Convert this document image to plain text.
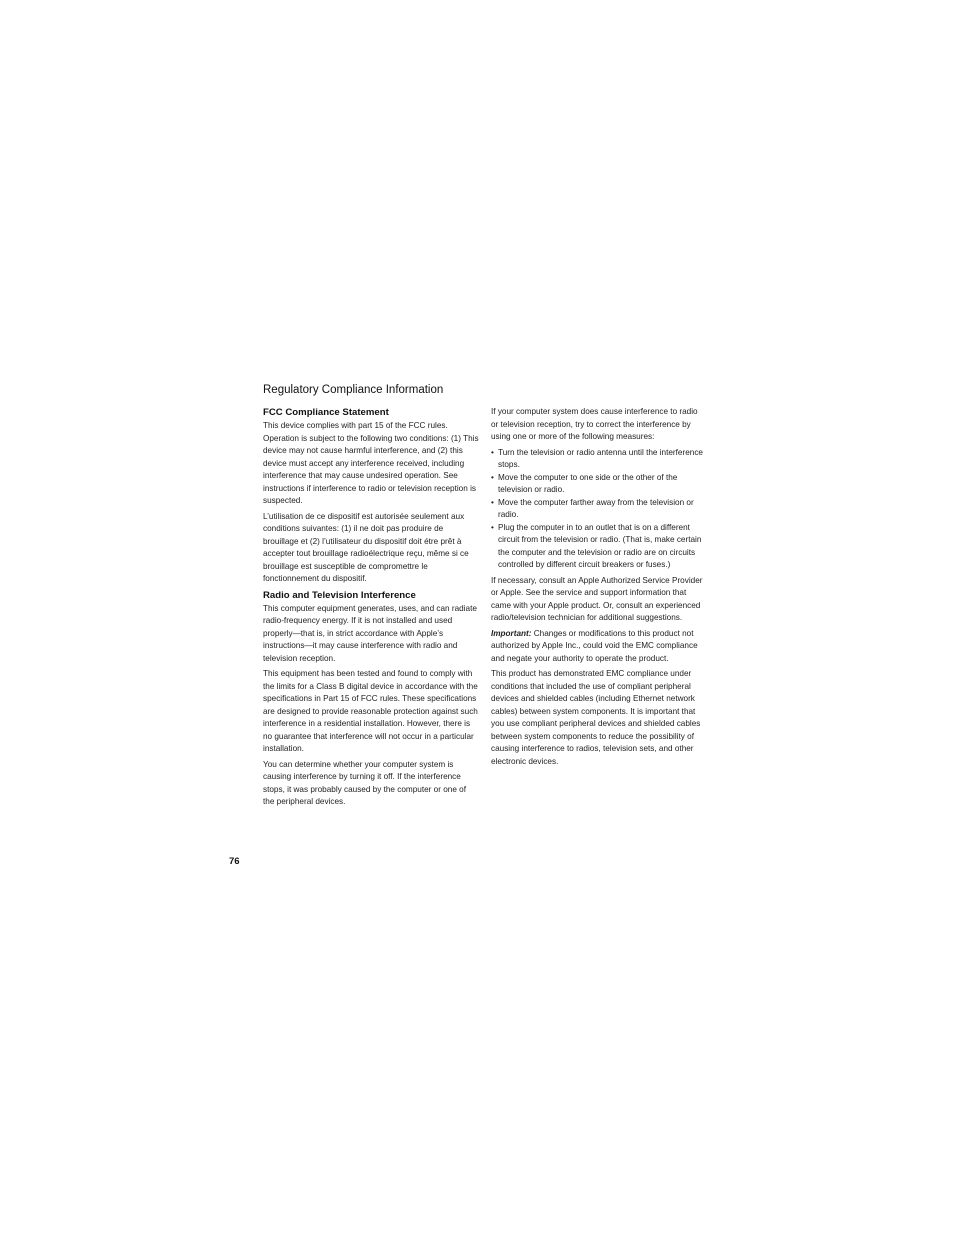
Regulatory Compliance Information
FCC Compliance Statement

This device complies with part 15 of the FCC rules. Operation is subject to the following two conditions: (1) This device may not cause harmful interference, and (2) this device must accept any interference received, including interference that may cause undesired operation. See instructions if interference to radio or television reception is suspected.

L’utilisation de ce dispositif est autorisée seulement aux conditions suivantes: (1) il ne doit pas produire de brouillage et (2) l’utilisateur du dispositif doit étre prêt à accepter tout brouillage radioélectrique reçu, même si ce brouillage est susceptible de compromettre le fonctionnement du dispositif.

Radio and Television Interference

This computer equipment generates, uses, and can radiate radio-frequency energy. If it is not installed and used properly—that is, in strict accordance with Apple’s instructions—it may cause interference with radio and television reception.

This equipment has been tested and found to comply with the limits for a Class B digital device in accordance with the specifications in Part 15 of FCC rules. These specifications are designed to provide reasonable protection against such interference in a residential installation. However, there is no guarantee that interference will not occur in a particular installation.

You can determine whether your computer system is causing interference by turning it off. If the interference stops, it was probably caused by the computer or one of the peripheral devices.

If your computer system does cause interference to radio or television reception, try to correct the interference by using one or more of the following measures:

• Turn the television or radio antenna until the interference stops.
• Move the computer to one side or the other of the television or radio.
• Move the computer farther away from the television or radio.
• Plug the computer in to an outlet that is on a different circuit from the television or radio. (That is, make certain the computer and the television or radio are on circuits controlled by different circuit breakers or fuses.)

If necessary, consult an Apple Authorized Service Provider or Apple. See the service and support information that came with your Apple product. Or, consult an experienced radio/television technician for additional suggestions.

Important: Changes or modifications to this product not authorized by Apple Inc., could void the EMC compliance and negate your authority to operate the product.

This product has demonstrated EMC compliance under conditions that included the use of compliant peripheral devices and shielded cables (including Ethernet network cables) between system components. It is important that you use compliant peripheral devices and shielded cables between system components to reduce the possibility of causing interference to radios, television sets, and other electronic devices.

76
